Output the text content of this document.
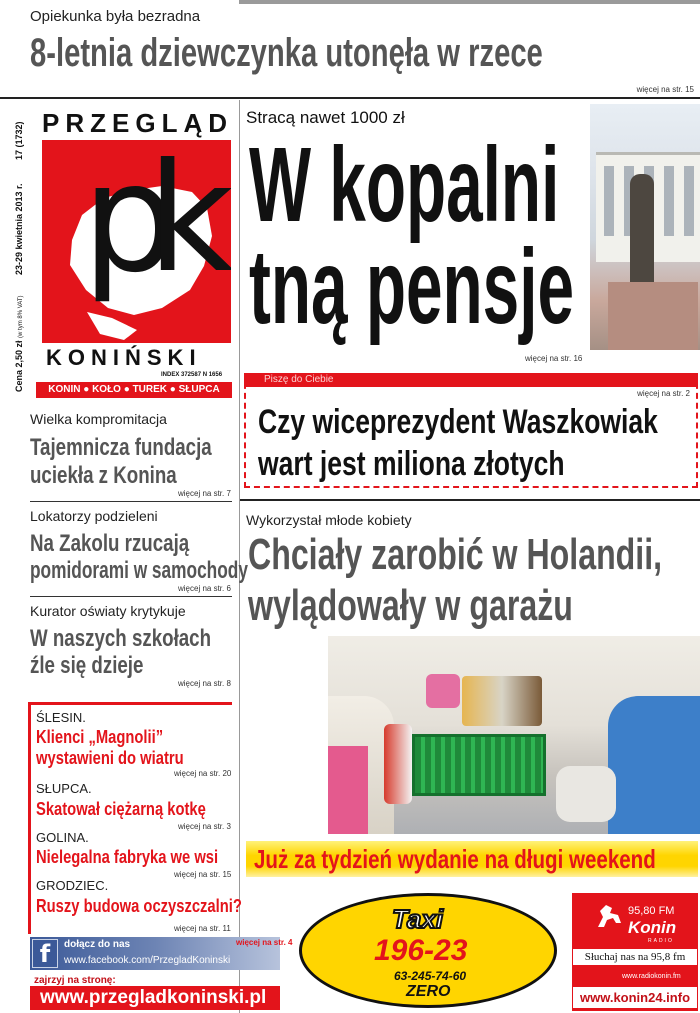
Opiekunka była bezradna
8-letnia dziewczynka utonęła w rzece
więcej na str. 15
17 (1732)
23-29 kwietnia 2013 r.
Cena 2,50 zł (w tym 8% VAT)
PRZEGLĄD
pk
KONIŃSKI
INDEX 372587 N 1656
KONIN ● KOŁO ● TUREK ● SŁUPCA
Stracą nawet 1000 zł
W kopalni
tną pensje
więcej na str. 16
Piszę do Ciebie
więcej na str. 2
Czy wiceprezydent Waszkowiak
wart jest miliona złotych
Wielka kompromitacja
Tajemnicza fundacja
uciekła z Konina
więcej na str. 7
Lokatorzy podzieleni
Na Zakolu rzucają
pomidorami w samochody
więcej na str. 6
Kurator oświaty krytykuje
W naszych szkołach
źle się dzieje
więcej na str. 8
Wykorzystał młode kobiety
Chciały zarobić w Holandii,
wylądowały w garażu
ŚLESIN.
Klienci „Magnolii”
wystawieni do wiatru
więcej na str. 20
SŁUPCA.
Skatował ciężarną kotkę
więcej na str. 3
GOLINA.
Nielegalna fabryka we wsi
więcej na str. 15
GRODZIEC.
Ruszy budowa oczyszczalni?
więcej na str. 11
Już za tydzień wydanie na długi weekend
f	dołącz do nas	więcej na str. 4
www.facebook.com/PrzegladKoninski
zajrzyj na stronę:
www.przegladkoninski.pl
Taxi
196-23
63-245-74-60
ZERO
95,80 FM
Konin
RADIO
Słuchaj nas na 95,8 fm
www.radiokonin.fm
www.konin24.info
